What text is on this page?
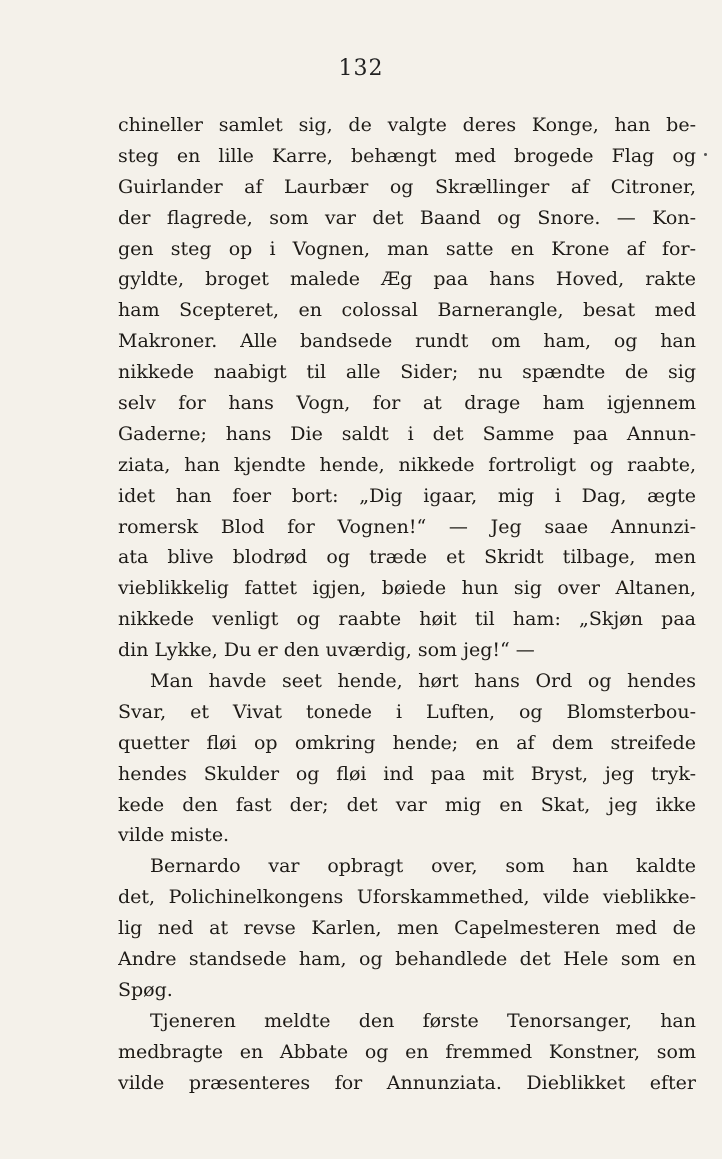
132
chineller samlet sig, de valgte deres Konge, han be-
steg en lille Karre, behængt med brogede Flag og
Guirlander af Laurbær og Skrællinger af Citroner,
der flagrede, som var det Baand og Snore. — Kon-
gen steg op i Vognen, man satte en Krone af for-
gyldte, broget malede Æg paa hans Hoved, rakte
ham Scepteret, en colossal Barnerangle, besat med
Makroner. Alle bandsede rundt om ham, og han
nikkede naabigt til alle Sider; nu spændte de sig
selv for hans Vogn, for at drage ham igjennem
Gaderne; hans Die saldt i det Samme paa Annun-
ziata, han kjendte hende, nikkede fortroligt og raabte,
idet han foer bort: „Dig igaar, mig i Dag, ægte
romersk Blod for Vognen!“ — Jeg saae Annunzi-
ata blive blodrød og træde et Skridt tilbage, men
vieblikkelig fattet igjen, bøiede hun sig over Altanen,
nikkede venligt og raabte høit til ham: „Skjøn paa
din Lykke, Du er den uværdig, som jeg!“ —
Man havde seet hende, hørt hans Ord og hendes
Svar, et Vivat tonede i Luften, og Blomsterbou-
quetter fløi op omkring hende; en af dem streifede
hendes Skulder og fløi ind paa mit Bryst, jeg tryk-
kede den fast der; det var mig en Skat, jeg ikke
vilde miste.
Bernardo var opbragt over, som han kaldte
det, Polichinelkongens Uforskammethed, vilde vieblikke-
lig ned at revse Karlen, men Capelmesteren med de
Andre standsede ham, og behandlede det Hele som en
Spøg.
Tjeneren meldte den første Tenorsanger, han
medbragte en Abbate og en fremmed Konstner, som
vilde præsenteres for Annunziata. Dieblikket efter
